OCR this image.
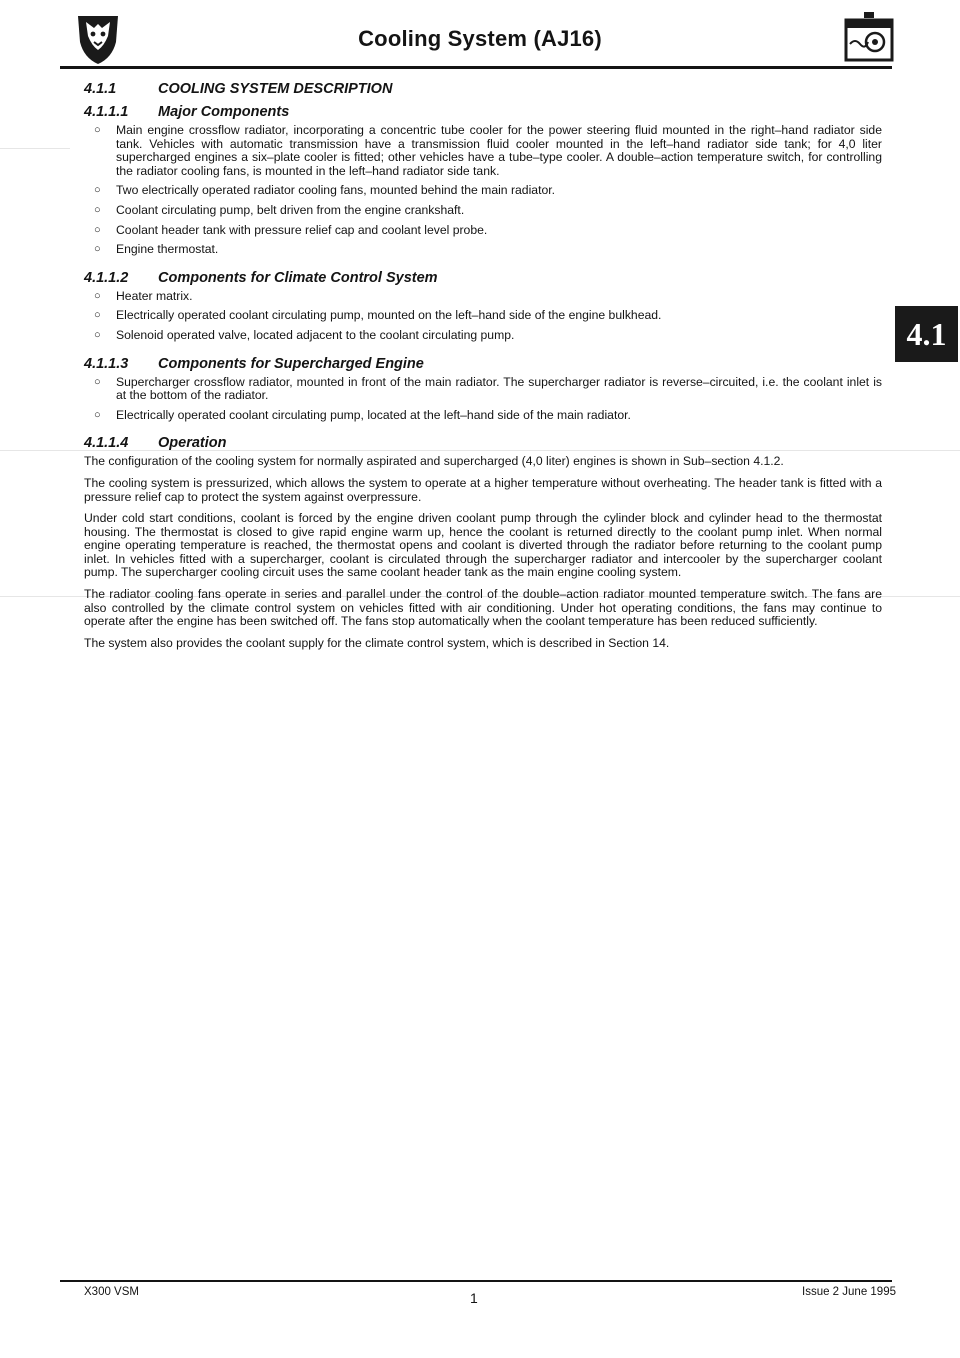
Cooling System (AJ16)
4.1
4.1.1	COOLING SYSTEM DESCRIPTION
4.1.1.1 Major Components
○ Main engine crossflow radiator, incorporating a concentric tube cooler for the power steering fluid mounted in the right–hand radiator side tank. Vehicles with automatic transmission have a transmission fluid cooler mounted in the left–hand radiator side tank; for 4,0 liter supercharged engines a six–plate cooler is fitted; other vehicles have a tube–type cooler. A double–action temperature switch, for controlling the radiator cooling fans, is mounted in the left–hand radiator side tank.
○ Two electrically operated radiator cooling fans, mounted behind the main radiator.
○ Coolant circulating pump, belt driven from the engine crankshaft.
○ Coolant header tank with pressure relief cap and coolant level probe.
○ Engine thermostat.
4.1.1.2 Components for Climate Control System
○ Heater matrix.
○ Electrically operated coolant circulating pump, mounted on the left–hand side of the engine bulkhead.
○ Solenoid operated valve, located adjacent to the coolant circulating pump.
4.1.1.3 Components for Supercharged Engine
○ Supercharger crossflow radiator, mounted in front of the main radiator. The supercharger radiator is reverse–circuited, i.e. the coolant inlet is at the bottom of the radiator.
○ Electrically operated coolant circulating pump, located at the left–hand side of the main radiator.
4.1.1.4 Operation

The configuration of the cooling system for normally aspirated and supercharged (4,0 liter) engines is shown in Sub–section 4.1.2.

The cooling system is pressurized, which allows the system to operate at a higher temperature without overheating. The header tank is fitted with a pressure relief cap to protect the system against overpressure.

Under cold start conditions, coolant is forced by the engine driven coolant pump through the cylinder block and cylinder head to the thermostat housing. The thermostat is closed to give rapid engine warm up, hence the coolant is returned directly to the coolant pump inlet. When normal engine operating temperature is reached, the thermostat opens and coolant is diverted through the radiator before returning to the coolant pump inlet. In vehicles fitted with a supercharger, coolant is circulated through the supercharger radiator and intercooler by the supercharger coolant pump. The supercharger cooling circuit uses the same coolant header tank as the main engine cooling system.

The radiator cooling fans operate in series and parallel under the control of the double–action radiator mounted temperature switch. The fans are also controlled by the climate control system on vehicles fitted with air conditioning. Under hot operating conditions, the fans may continue to operate after the engine has been switched off. The fans stop automatically when the coolant temperature has been reduced sufficiently.

The system also provides the coolant supply for the climate control system, which is described in Section 14.

X300 VSM	1	Issue 2 June 1995
